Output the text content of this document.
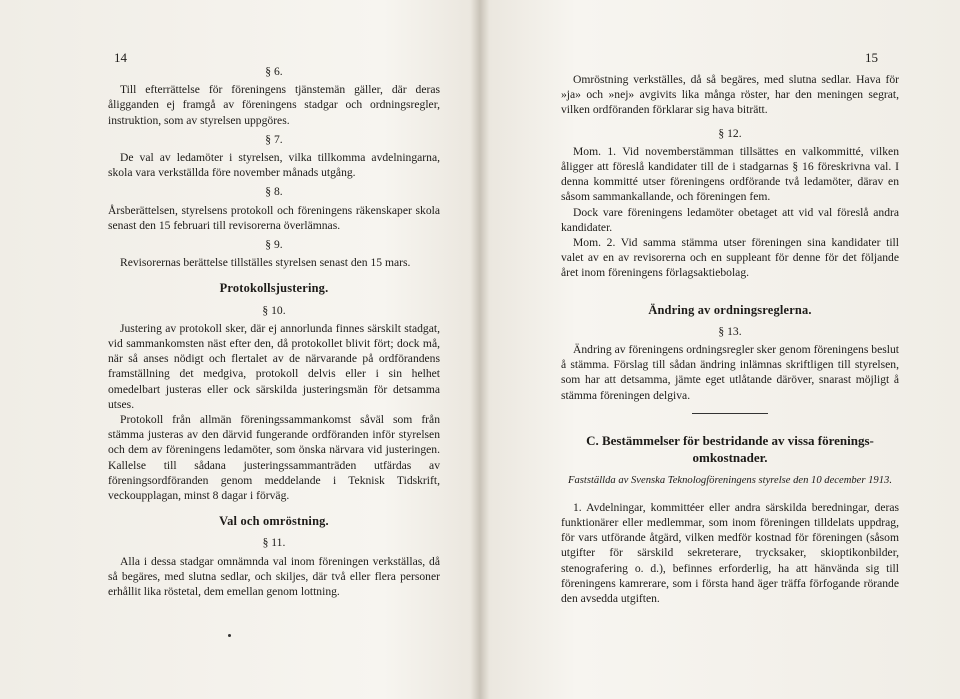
14
§ 6.

Till efterrättelse för föreningens tjänstemän gäller, där deras åligganden ej framgå av föreningens stadgar och ordningsregler, instruktion, som av styrelsen uppgöres.

§ 7.

De val av ledamöter i styrelsen, vilka tillkomma avdelningarna, skola vara verkställda före november månads utgång.

§ 8.

Årsberättelsen, styrelsens protokoll och föreningens räkenskaper skola senast den 15 februari till revisorerna överlämnas.

§ 9.

Revisorernas berättelse tillställes styrelsen senast den 15 mars.

Protokollsjustering.
§ 10.

Justering av protokoll sker, där ej annorlunda finnes särskilt stadgat, vid sammankomsten näst efter den, då protokollet blivit fört; dock må, när så anses nödigt och flertalet av de närvarande på ordförandens framställning det medgiva, protokoll delvis eller i sin helhet omedelbart justeras eller ock särskilda justeringsmän för detsamma utses.

Protokoll från allmän föreningssammankomst såväl som från stämma justeras av den därvid fungerande ordföranden inför styrelsen och dem av föreningens ledamöter, som önska närvara vid justeringen. Kallelse till sådana justeringssammanträden utfärdas av föreningsordföranden genom meddelande i Teknisk Tidskrift, veckoupplagan, minst 8 dagar i förväg.

Val och omröstning.
§ 11.

Alla i dessa stadgar omnämnda val inom föreningen verkställas, då så begäres, med slutna sedlar, och skiljes, där två eller flera personer erhållit lika röstetal, dem emellan genom lottning.

15

Omröstning verkställes, då så begäres, med slutna sedlar. Hava för »ja» och »nej» avgivits lika många röster, har den meningen segrat, vilken ordföranden förklarar sig hava biträtt.

§ 12.

Mom. 1. Vid novemberstämman tillsättes en valkommitté, vilken åligger att föreslå kandidater till de i stadgarnas § 16 föreskrivna val. I denna kommitté utser föreningens ordförande två ledamöter, därav en såsom sammankallande, och föreningen fem.

Dock vare föreningens ledamöter obetaget att vid val föreslå andra kandidater.

Mom. 2. Vid samma stämma utser föreningen sina kandidater till valet av en av revisorerna och en suppleant för denne för det följande året inom föreningens förlagsaktiebolag.

Ändring av ordningsreglerna.
§ 13.

Ändring av föreningens ordningsregler sker genom föreningens beslut å stämma. Förslag till sådan ändring inlämnas skriftligen till styrelsen, som har att detsamma, jämte eget utlåtande däröver, snarast möjligt å stämma föreningen delgiva.

C. Bestämmelser för bestridande av vissa förenings-omkostnader.
Fastställda av Svenska Teknologföreningens styrelse den 10 december 1913.

1. Avdelningar, kommittéer eller andra särskilda beredningar, deras funktionärer eller medlemmar, som inom föreningen tilldelats uppdrag, för vars utförande åtgärd, vilken medför kostnad för föreningen (såsom utgifter för särskild sekreterare, trycksaker, skioptikonbilder, stenografering o. d.), befinnes erforderlig, ha att hänvända sig till föreningens kamrerare, som i första hand äger träffa förfogande rörande den avsedda utgiften.
